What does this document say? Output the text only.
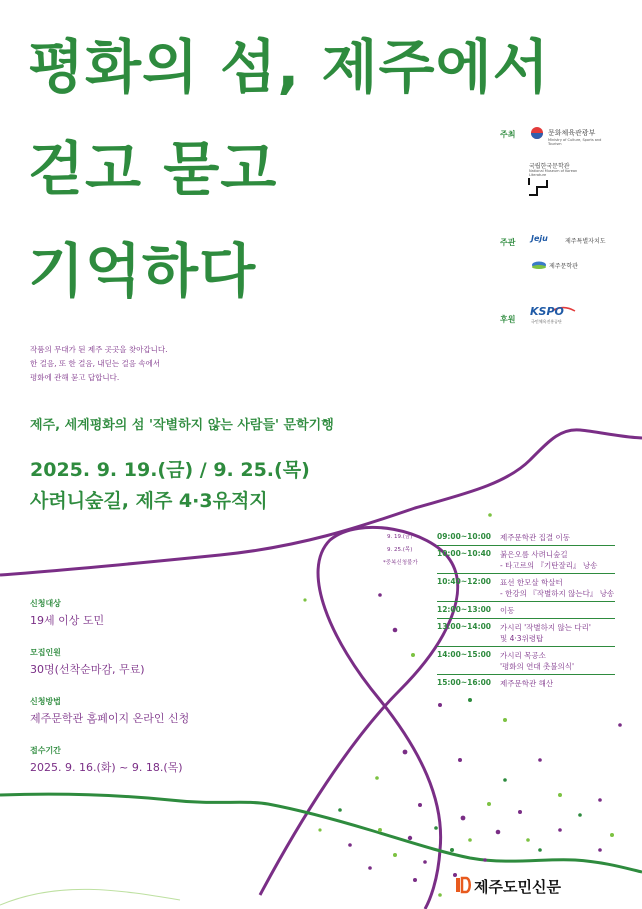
평화의 섬, 제주에서
걷고 묻고
기억하다
주최	문화체육관광부
Ministry of Culture, Sports and Tourism
국립한국문학관
National Museum of Korean Literature
주관 Jeju	제주특별자치도
제주문학관
후원
KSPO
국민체육진흥공단
작품의 무대가 된 제주 곳곳을 찾아갑니다.
한 걸음, 또 한 걸음, 내딛는 걸음 속에서
평화에 관해 묻고 답합니다.
제주, 세계평화의 섬 '작별하지 않는 사람들' 문학기행
2025. 9. 19.(금) / 9. 25.(목)
사려니숲길, 제주 4·3유적지
9. 19.(금)
9. 25.(목)
*중복신청불가
09:00~10:00 제주문학관 집결 이동
10:00~10:40 붉은오름 사려니숲길
- 타고르의 『기탄잘리』 낭송
10:40~12:00 표선 한모살 학살터
- 한강의 『작별하지 않는다』 낭송
12:00~13:00 이동
13:00~14:00 가시리 '작별하지 않는 다리'
및 4·3위령탑
14:00~15:00 가시리 목공소
'평화의 연대 촛불의식'
15:00~16:00 제주문학관 해산
신청대상
19세 이상 도민
모집인원
30명(선착순마감, 무료)
신청방법
제주문학관 홈페이지 온라인 신청
접수기간
2025. 9. 16.(화) ~ 9. 18.(목)
제주도민신문
